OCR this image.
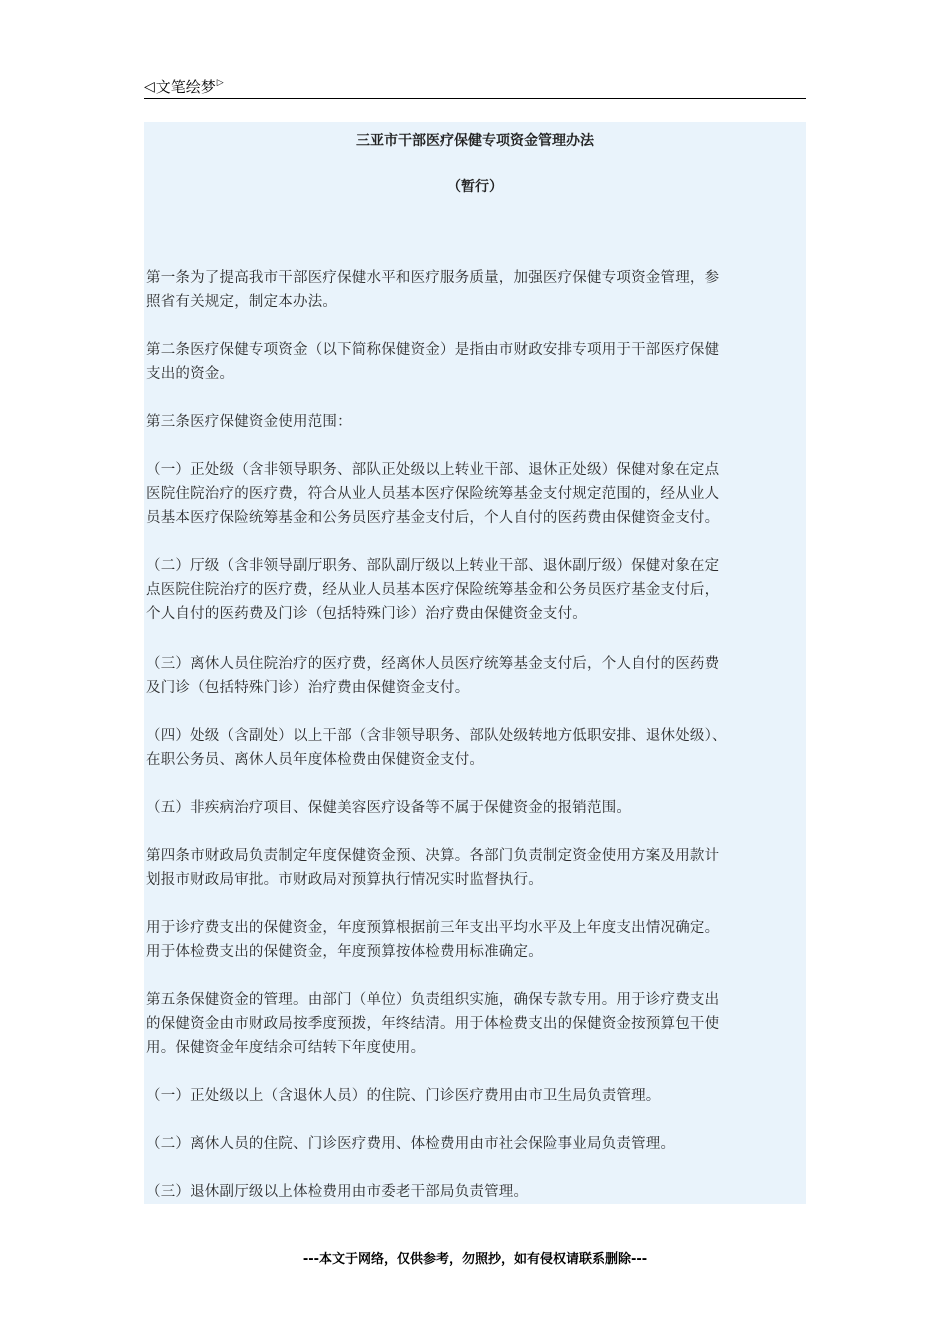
◁ 文笔绘梦 ▷
三亚市干部医疗保健专项资金管理办法
（暂行）
第一条为了提高我市干部医疗保健水平和医疗服务质量，加强医疗保健专项资金管理，参
照省有关规定，制定本办法。
第二条医疗保健专项资金（以下简称保健资金）是指由市财政安排专项用于干部医疗保健
支出的资金。
第三条医疗保健资金使用范围：
（一）正处级（含非领导职务、部队正处级以上转业干部、退休正处级）保健对象在定点
医院住院治疗的医疗费，符合从业人员基本医疗保险统筹基金支付规定范围的，经从业人
员基本医疗保险统筹基金和公务员医疗基金支付后，个人自付的医药费由保健资金支付。
（二）厅级（含非领导副厅职务、部队副厅级以上转业干部、退休副厅级）保健对象在定
点医院住院治疗的医疗费，经从业人员基本医疗保险统筹基金和公务员医疗基金支付后，
个人自付的医药费及门诊（包括特殊门诊）治疗费由保健资金支付。
（三）离休人员住院治疗的医疗费，经离休人员医疗统筹基金支付后，个人自付的医药费
及门诊（包括特殊门诊）治疗费由保健资金支付。
（四）处级（含副处）以上干部（含非领导职务、部队处级转地方低职安排、退休处级）、
在职公务员、离休人员年度体检费由保健资金支付。
（五）非疾病治疗项目、保健美容医疗设备等不属于保健资金的报销范围。
第四条市财政局负责制定年度保健资金预、决算。各部门负责制定资金使用方案及用款计
划报市财政局审批。市财政局对预算执行情况实时监督执行。
用于诊疗费支出的保健资金，年度预算根据前三年支出平均水平及上年度支出情况确定。
用于体检费支出的保健资金，年度预算按体检费用标准确定。
第五条保健资金的管理。由部门（单位）负责组织实施，确保专款专用。用于诊疗费支出
的保健资金由市财政局按季度预拨，年终结清。用于体检费支出的保健资金按预算包干使
用。保健资金年度结余可结转下年度使用。
（一）正处级以上（含退休人员）的住院、门诊医疗费用由市卫生局负责管理。
（二）离休人员的住院、门诊医疗费用、体检费用由市社会保险事业局负责管理。
（三）退休副厅级以上体检费用由市委老干部局负责管理。
---本文于网络，仅供参考，勿照抄，如有侵权请联系删除---
